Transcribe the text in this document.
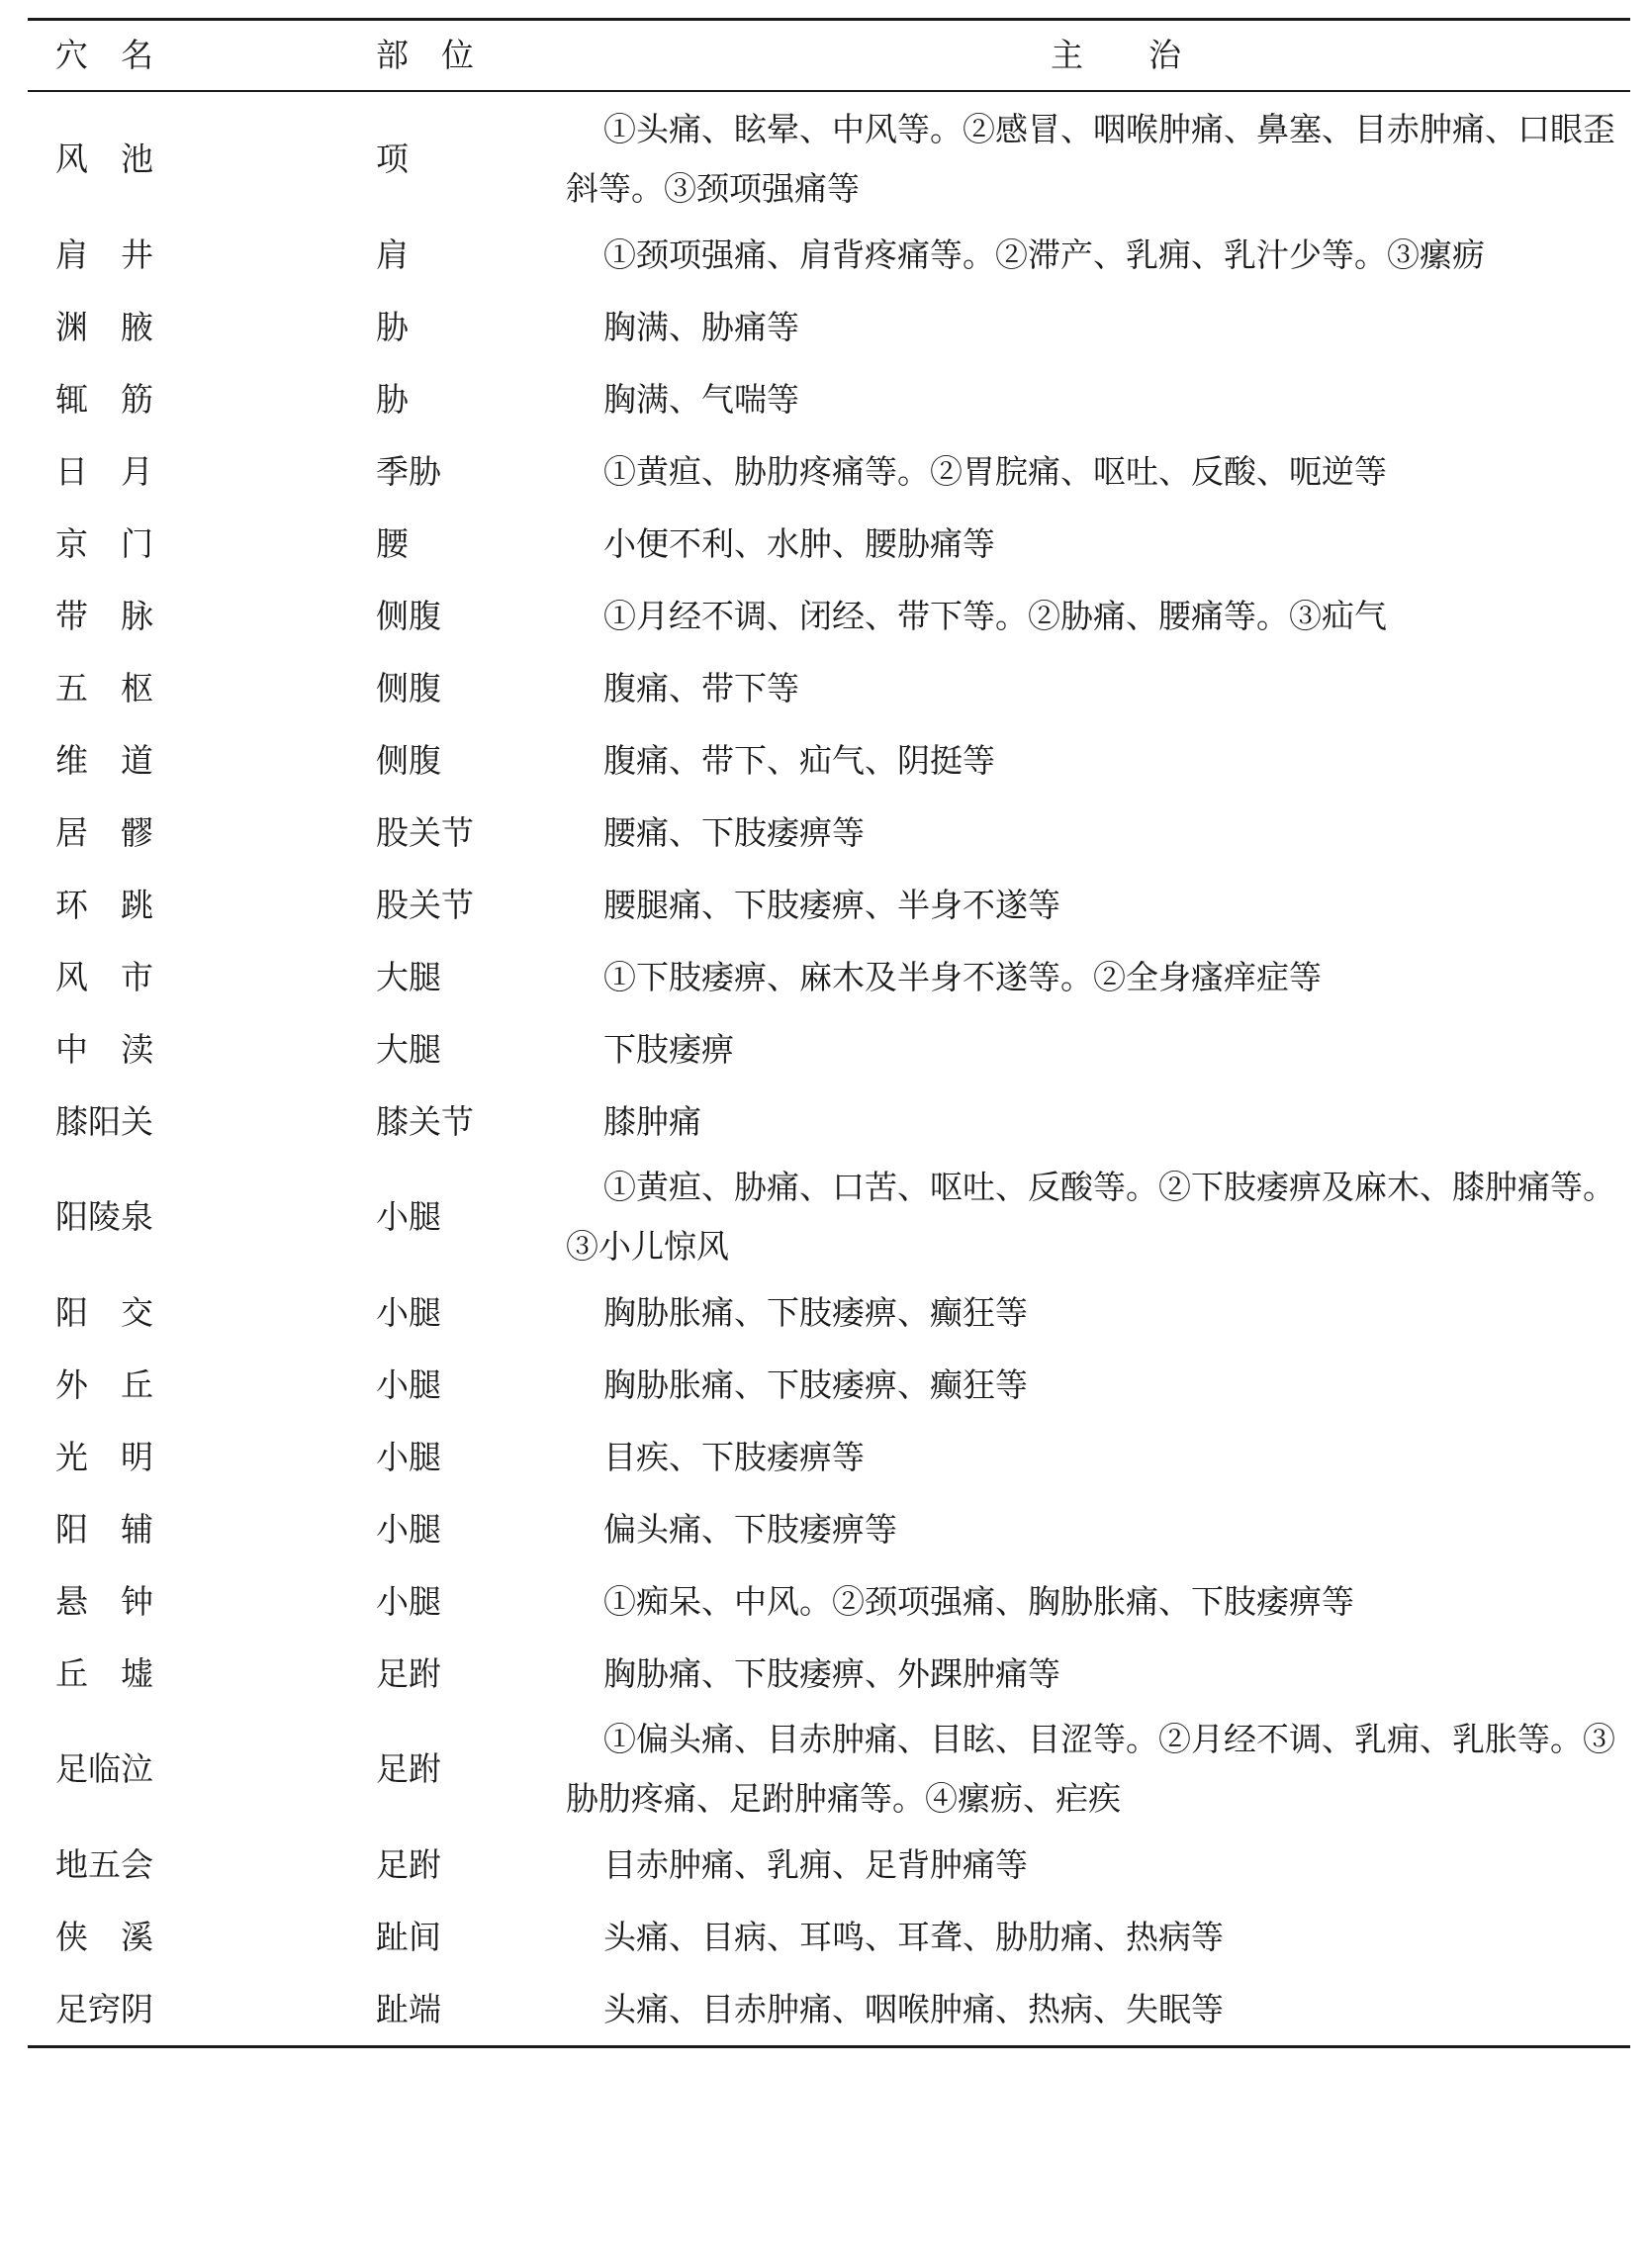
穴　名	部　位	主　　治
风　池	项	①头痛、眩晕、中风等。②感冒、咽喉肿痛、鼻塞、目赤肿痛、口眼歪斜等。③颈项强痛等
肩　井	肩	①颈项强痛、肩背疼痛等。②滞产、乳痈、乳汁少等。③瘰疬
渊　腋	胁	胸满、胁痛等
辄　筋	胁	胸满、气喘等
日　月	季胁	①黄疸、胁肋疼痛等。②胃脘痛、呕吐、反酸、呃逆等
京　门	腰	小便不利、水肿、腰胁痛等
带　脉	侧腹	①月经不调、闭经、带下等。②胁痛、腰痛等。③疝气
五　枢	侧腹	腹痛、带下等
维　道	侧腹	腹痛、带下、疝气、阴挺等
居　髎	股关节	腰痛、下肢痿痹等
环　跳	股关节	腰腿痛、下肢痿痹、半身不遂等
风　市	大腿	①下肢痿痹、麻木及半身不遂等。②全身瘙痒症等
中　渎	大腿	下肢痿痹
膝阳关	膝关节	膝肿痛
阳陵泉	小腿	①黄疸、胁痛、口苦、呕吐、反酸等。②下肢痿痹及麻木、膝肿痛等。③小儿惊风
阳　交	小腿	胸胁胀痛、下肢痿痹、癫狂等
外　丘	小腿	胸胁胀痛、下肢痿痹、癫狂等
光　明	小腿	目疾、下肢痿痹等
阳　辅	小腿	偏头痛、下肢痿痹等
悬　钟	小腿	①痴呆、中风。②颈项强痛、胸胁胀痛、下肢痿痹等
丘　墟	足跗	胸胁痛、下肢痿痹、外踝肿痛等
足临泣	足跗	①偏头痛、目赤肿痛、目眩、目涩等。②月经不调、乳痈、乳胀等。③胁肋疼痛、足跗肿痛等。④瘰疬、疟疾
地五会	足跗	目赤肿痛、乳痈、足背肿痛等
侠　溪	趾间	头痛、目病、耳鸣、耳聋、胁肋痛、热病等
足窍阴	趾端	头痛、目赤肿痛、咽喉肿痛、热病、失眠等
